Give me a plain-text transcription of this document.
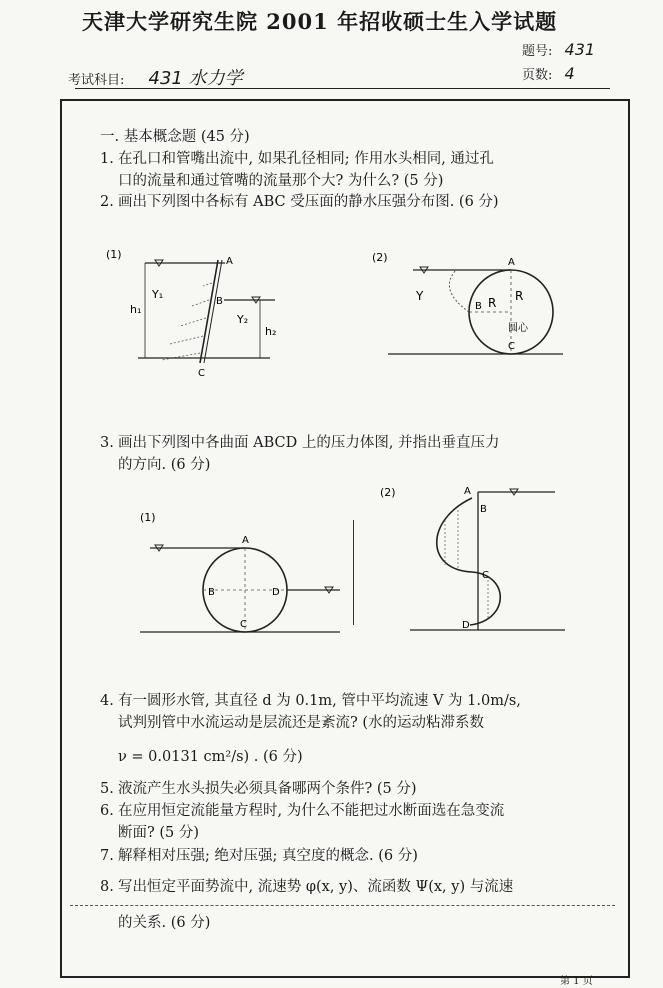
天津大学研究生院 2001 年招收硕士生入学试题
题号: 431
页数: 4
考试科目: 431 水力学
一. 基本概念题 (45 分)
1. 在孔口和管嘴出流中, 如果孔径相同; 作用水头相同, 通过孔
口的流量和通过管嘴的流量那个大? 为什么? (5 分)
2. 画出下列图中各标有 ABC 受压面的静水压强分布图. (6 分)
(1)
A
B
C
h₁
h₂
Y₁
Y₂
(2)	A
B
C
R
R
圆心
Y
3. 画出下列图中各曲面 ABCD 上的压力体图, 并指出垂直压力
的方向. (6 分)
(1)
A
B
C
D
(2)	A
B
C
D
4. 有一圆形水管, 其直径 d 为 0.1m, 管中平均流速 V 为 1.0m/s,
试判别管中水流运动是层流还是紊流? (水的运动粘滞系数
ν = 0.0131 cm²/s) . (6 分)
5. 液流产生水头损失必须具备哪两个条件? (5 分)
6. 在应用恒定流能量方程时, 为什么不能把过水断面选在急变流
断面? (5 分)
7. 解释相对压强; 绝对压强; 真空度的概念. (6 分)
8. 写出恒定平面势流中, 流速势 φ(x, y)、流函数 Ψ(x, y) 与流速
的关系. (6 分)
第 1 页
